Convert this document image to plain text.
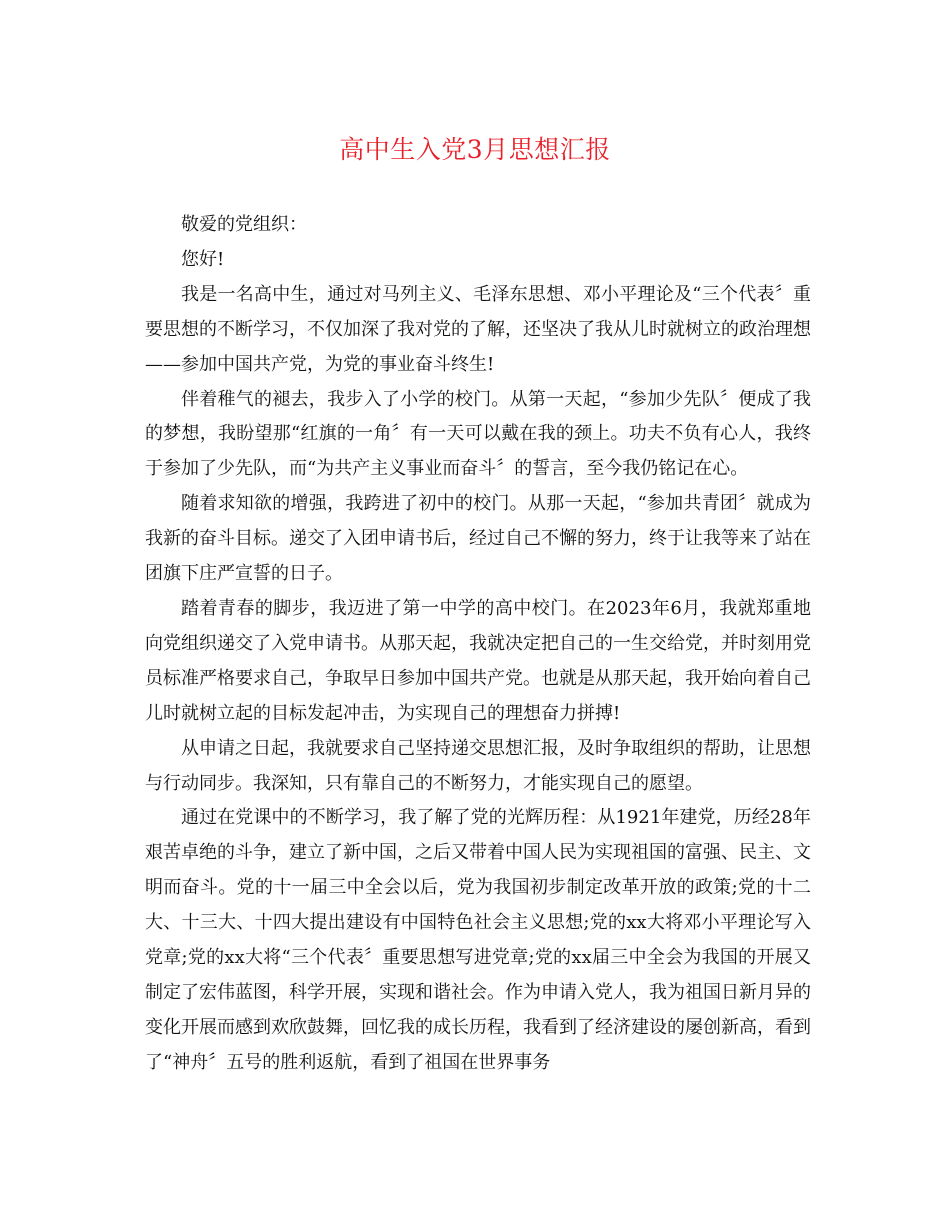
高中生入党3月思想汇报

敬爱的党组织：

您好!

我是一名高中生，通过对马列主义、毛泽东思想、邓小平理论及“三个代表〞重要思想的不断学习，不仅加深了我对党的了解，还坚决了我从儿时就树立的政治理想——参加中国共产党，为党的事业奋斗终生!

伴着稚气的褪去，我步入了小学的校门。从第一天起，“参加少先队〞便成了我的梦想，我盼望那“红旗的一角〞有一天可以戴在我的颈上。功夫不负有心人，我终于参加了少先队，而“为共产主义事业而奋斗〞的誓言，至今我仍铭记在心。

随着求知欲的增强，我跨进了初中的校门。从那一天起，“参加共青团〞就成为我新的奋斗目标。递交了入团申请书后，经过自己不懈的努力，终于让我等来了站在团旗下庄严宣誓的日子。

踏着青春的脚步，我迈进了第一中学的高中校门。在2023年6月，我就郑重地向党组织递交了入党申请书。从那天起，我就决定把自己的一生交给党，并时刻用党员标准严格要求自己，争取早日参加中国共产党。也就是从那天起，我开始向着自己儿时就树立起的目标发起冲击，为实现自己的理想奋力拼搏!

从申请之日起，我就要求自己坚持递交思想汇报，及时争取组织的帮助，让思想与行动同步。我深知，只有靠自己的不断努力，才能实现自己的愿望。

通过在党课中的不断学习，我了解了党的光辉历程：从1921年建党，历经28年艰苦卓绝的斗争，建立了新中国，之后又带着中国人民为实现祖国的富强、民主、文明而奋斗。党的十一届三中全会以后，党为我国初步制定改革开放的政策;党的十二大、十三大、十四大提出建设有中国特色社会主义思想;党的xx大将邓小平理论写入党章;党的xx大将“三个代表〞重要思想写进党章;党的xx届三中全会为我国的开展又制定了宏伟蓝图，科学开展，实现和谐社会。作为申请入党人，我为祖国日新月异的变化开展而感到欢欣鼓舞，回忆我的成长历程，我看到了经济建设的屡创新高，看到了“神舟〞五号的胜利返航，看到了祖国在世界事务
